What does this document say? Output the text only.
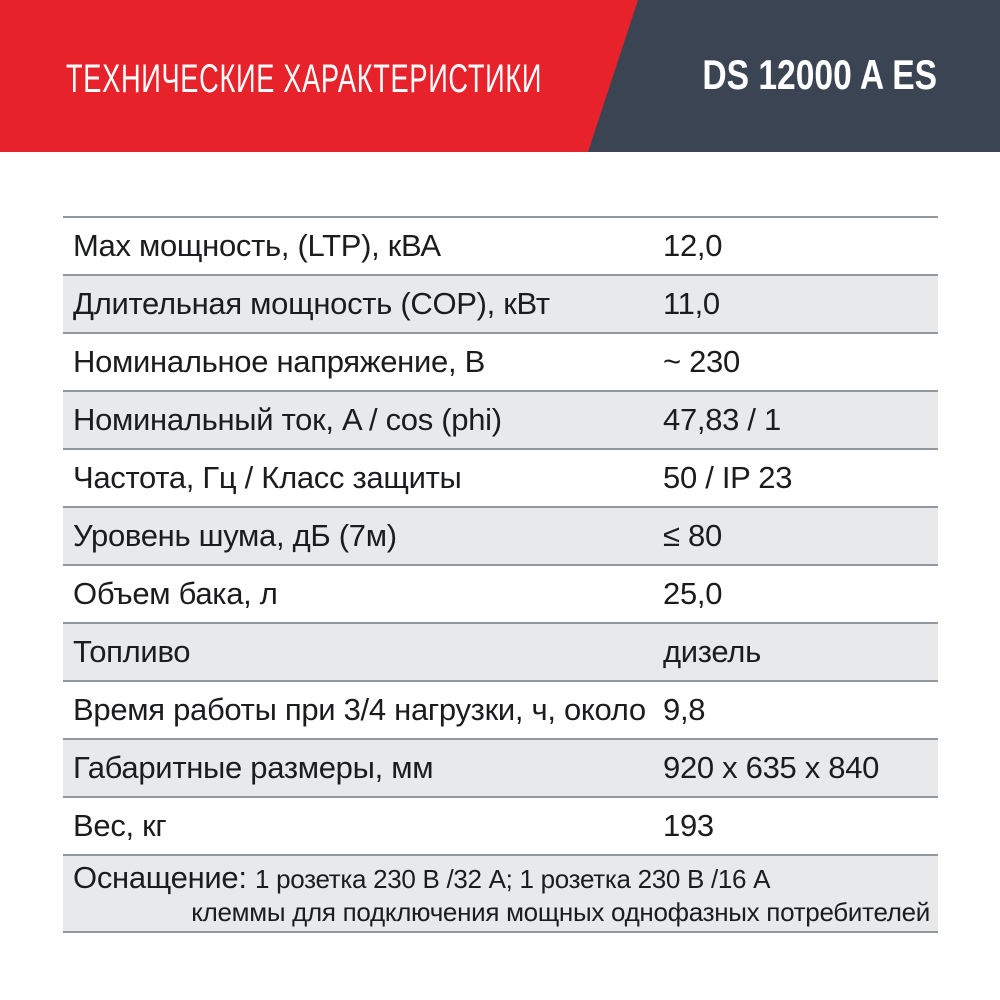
ТЕХНИЧЕСКИЕ ХАРАКТЕРИСТИКИ	DS 12000 A ES
Max мощность, (LTP), кВА	12,0
Длительная мощность (COP), кВт	11,0
Номинальное напряжение, В	~ 230
Номинальный ток, A / cos (phi)	47,83 / 1
Частота, Гц / Класс защиты	50 / IP 23
Уровень шума, дБ (7м)	≤ 80
Объем бака, л	25,0
Топливо	дизель
Время работы при 3/4 нагрузки, ч, около 9,8
Габаритные размеры, мм	920 x 635 x 840
Вес, кг	193
Оснащение: 1 розетка 230 В /32 А; 1 розетка 230 В /16 А
клеммы для подключения мощных однофазных потребителей
